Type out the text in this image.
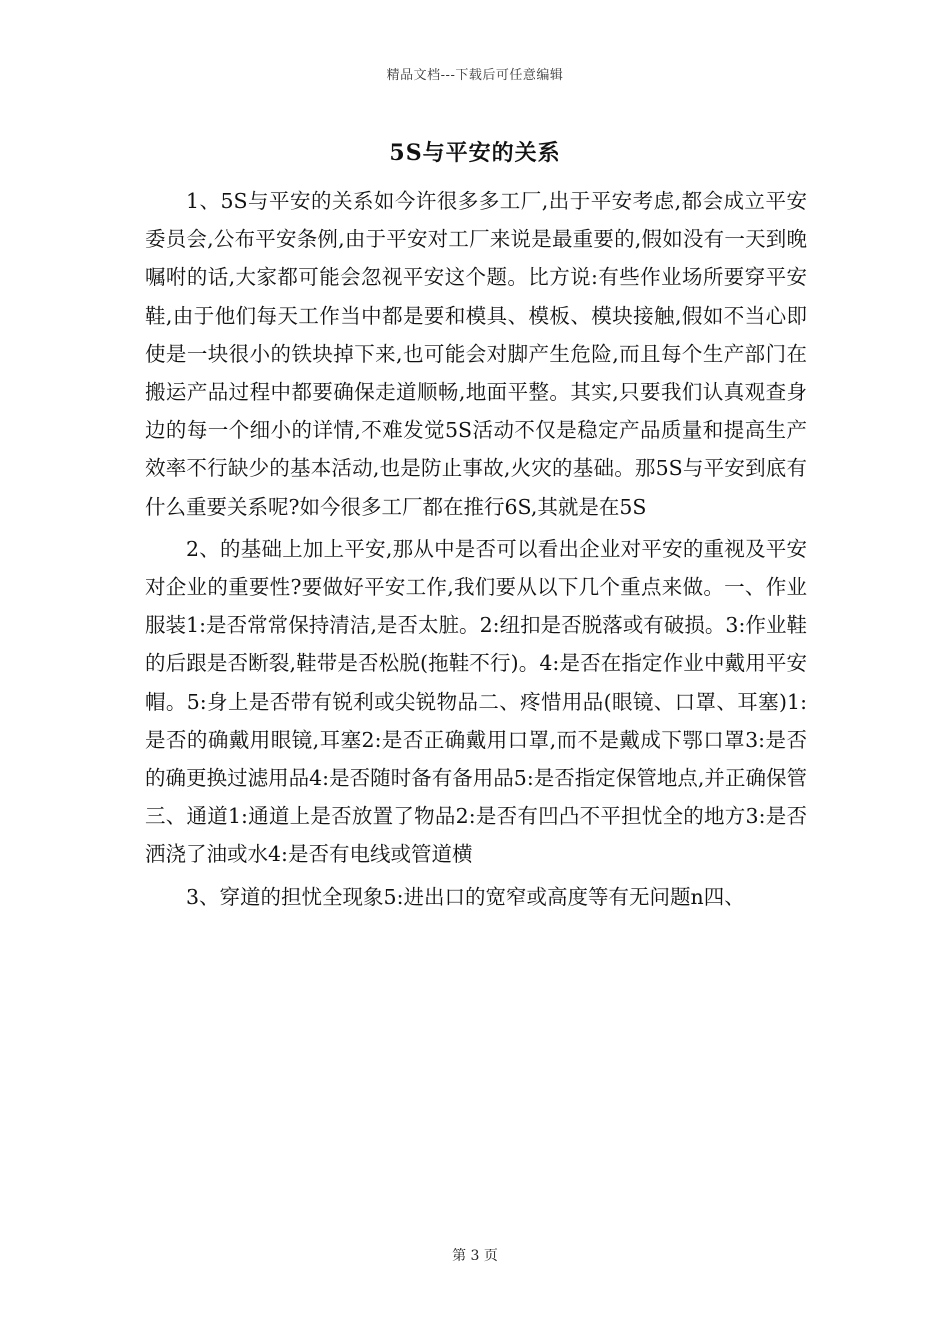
精品文档---下载后可任意编辑
5S与平安的关系

1、5S与平安的关系如今许很多多工厂,出于平安考虑,都会成立平安委员会,公布平安条例,由于平安对工厂来说是最重要的,假如没有一天到晚嘱咐的话,大家都可能会忽视平安这个题。比方说:有些作业场所要穿平安鞋,由于他们每天工作当中都是要和模具、模板、模块接触,假如不当心即使是一块很小的铁块掉下来,也可能会对脚产生危险,而且每个生产部门在搬运产品过程中都要确保走道顺畅,地面平整。其实,只要我们认真观查身边的每一个细小的详情,不难发觉5S活动不仅是稳定产品质量和提高生产效率不行缺少的基本活动,也是防止事故,火灾的基础。那5S与平安到底有什么重要关系呢?如今很多工厂都在推行6S,其就是在5S

2、的基础上加上平安,那从中是否可以看出企业对平安的重视及平安对企业的重要性?要做好平安工作,我们要从以下几个重点来做。一、作业服装1:是否常常保持清洁,是否太脏。2:纽扣是否脱落或有破损。3:作业鞋的后跟是否断裂,鞋带是否松脱(拖鞋不行)。4:是否在指定作业中戴用平安帽。5:身上是否带有锐利或尖锐物品二、疼惜用品(眼镜、口罩、耳塞)1:是否的确戴用眼镜,耳塞2:是否正确戴用口罩,而不是戴成下鄂口罩3:是否的确更换过滤用品4:是否随时备有备用品5:是否指定保管地点,并正确保管三、通道1:通道上是否放置了物品2:是否有凹凸不平担忧全的地方3:是否洒浇了油或水4:是否有电线或管道横

3、穿道的担忧全现象5:进出口的宽窄或高度等有无问题n四、

第 3 页
